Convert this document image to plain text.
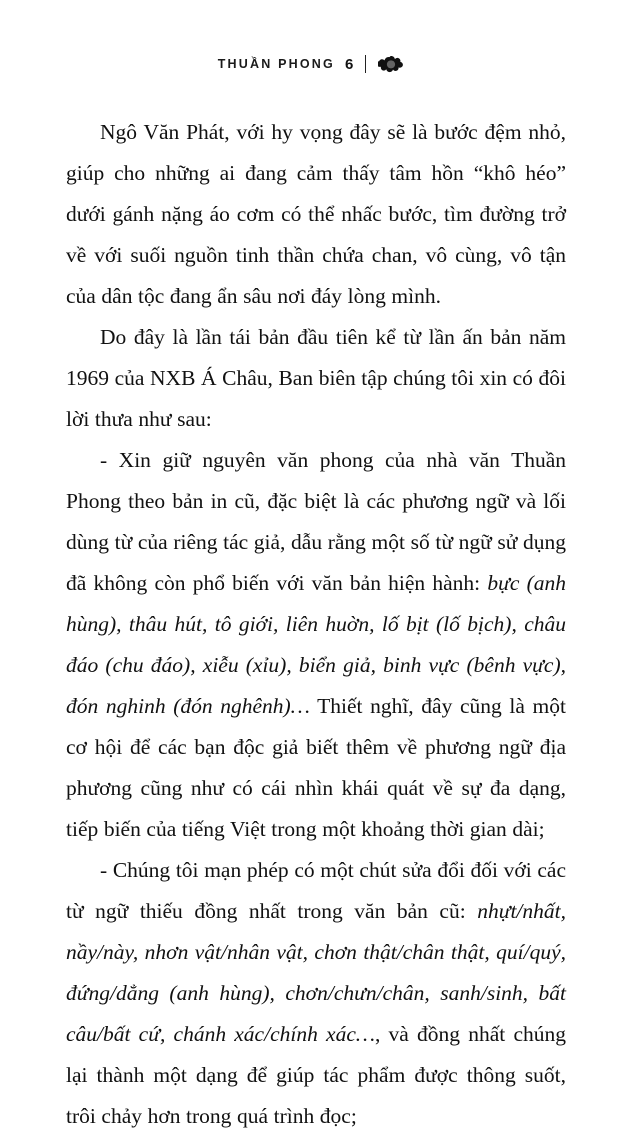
THUẦN PHONG 6

Ngô Văn Phát, với hy vọng đây sẽ là bước đệm nhỏ, giúp cho những ai đang cảm thấy tâm hồn “khô héo” dưới gánh nặng áo cơm có thể nhấc bước, tìm đường trở về với suối nguồn tinh thần chứa chan, vô cùng, vô tận của dân tộc đang ẩn sâu nơi đáy lòng mình.

Do đây là lần tái bản đầu tiên kể từ lần ấn bản năm 1969 của NXB Á Châu, Ban biên tập chúng tôi xin có đôi lời thưa như sau:

- Xin giữ nguyên văn phong của nhà văn Thuần Phong theo bản in cũ, đặc biệt là các phương ngữ và lối dùng từ của riêng tác giả, dẫu rằng một số từ ngữ sử dụng đã không còn phổ biến với văn bản hiện hành: bực (anh hùng), thâu hút, tô giới, liên huờn, lố bịt (lố bịch), châu đáo (chu đáo), xiễu (xỉu), biển giả, binh vực (bênh vực), đón nghinh (đón nghênh)… Thiết nghĩ, đây cũng là một cơ hội để các bạn độc giả biết thêm về phương ngữ địa phương cũng như có cái nhìn khái quát về sự đa dạng, tiếp biến của tiếng Việt trong một khoảng thời gian dài;

- Chúng tôi mạn phép có một chút sửa đổi đối với các từ ngữ thiếu đồng nhất trong văn bản cũ: nhựt/nhất, nầy/này, nhơn vật/nhân vật, chơn thật/chân thật, quí/quý, đứng/dẳng (anh hùng), chơn/chưn/chân, sanh/sinh, bất câu/bất cứ, chánh xác/chính xác…, và đồng nhất chúng lại thành một dạng để giúp tác phẩm được thông suốt, trôi chảy hơn trong quá trình đọc;
